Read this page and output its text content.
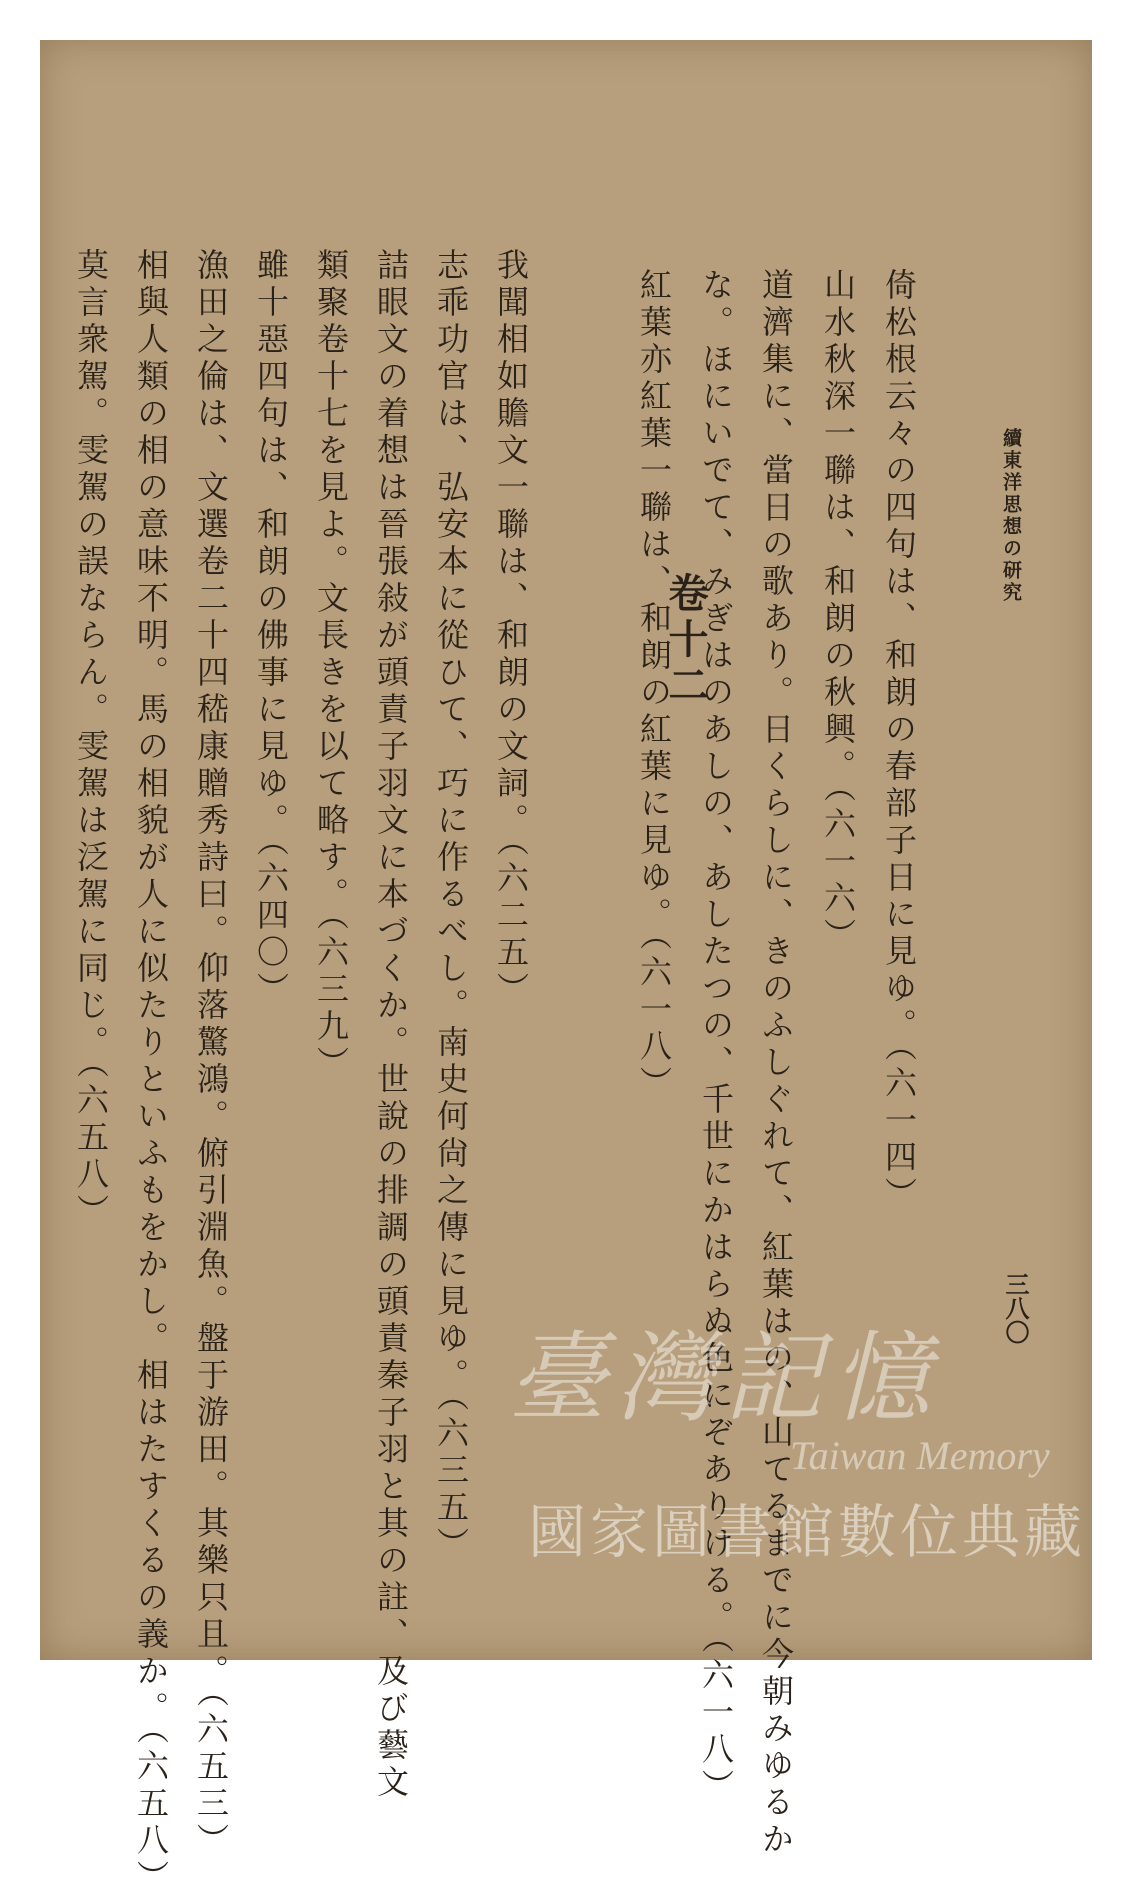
續東洋思想の研究
三八〇
倚松根云々の四句は、和朗の春部子日に見ゆ。（六一四）
山水秋深一聯は、和朗の秋興。（六一六）
道濟集に、當日の歌あり。日くらしに、きのふしぐれて、紅葉はの、山てるまでに今朝みゆるか
な。ほにいでて、みぎはのあしの、あしたつの、千世にかはらぬ色にぞありける。（六一八）
紅葉亦紅葉一聯は、和朗の紅葉に見ゆ。（六一八）
卷十二
我聞相如贍文一聯は、和朗の文詞。（六二五）
志乖功官は、弘安本に從ひて、巧に作るべし。南史何尙之傳に見ゆ。（六三五）
詰眼文の着想は晉張敍が頭責子羽文に本づくか。世說の排調の頭責秦子羽と其の註、及び藝文
類聚卷十七を見よ。文長きを以て略す。（六三九）
雖十惡四句は、和朗の佛事に見ゆ。（六四〇）
漁田之倫は、文選卷二十四嵇康贈秀詩曰。仰落驚鴻。俯引淵魚。盤于游田。其樂只且。（六五三）
相與人類の相の意味不明。馬の相貌が人に似たりといふもをかし。相はたすくるの義か。（六五八）
莫言衆駕。雯駕の誤ならん。雯駕は泛駕に同じ。（六五八）
臺灣記憶
Taiwan Memory
國家圖書館數位典藏
